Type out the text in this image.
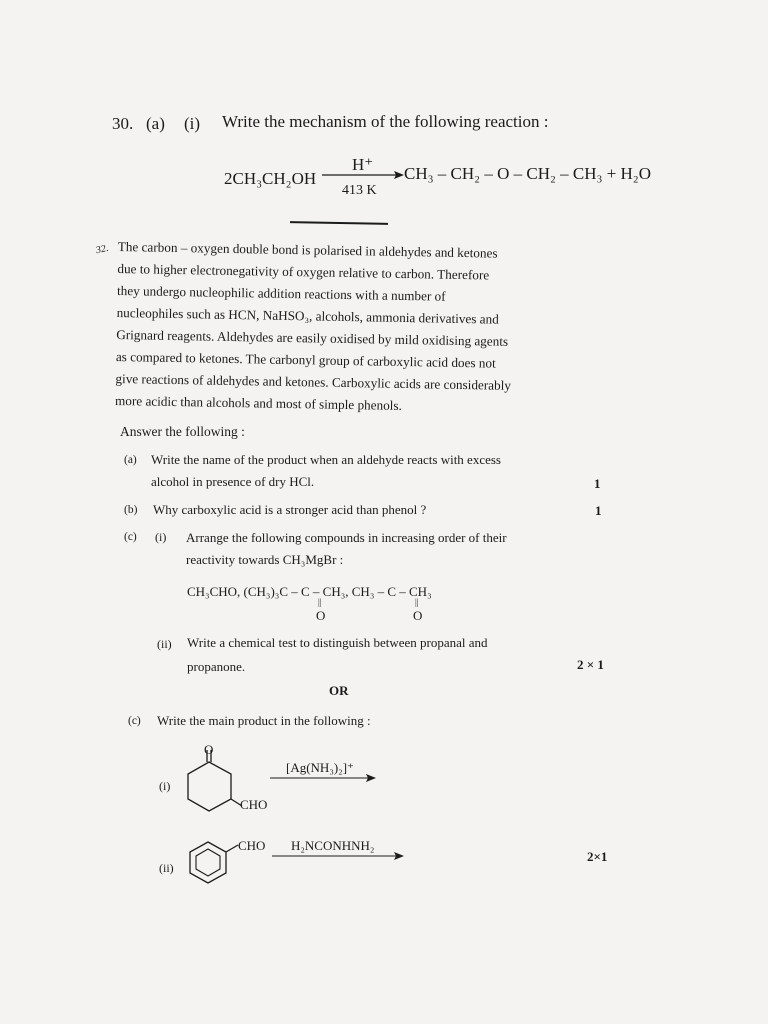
30. (a) (i) Write the mechanism of the following reaction :
2CH₃CH₂OH
H⁺
413 K
CH₃ – CH₂ – O – CH₂ – CH₃ + H₂O
32. The carbon – oxygen double bond is polarised in aldehydes and ketones
due to higher electronegativity of oxygen relative to carbon. Therefore
they undergo nucleophilic addition reactions with a number of
nucleophiles such as HCN, NaHSO₃, alcohols, ammonia derivatives and
Grignard reagents. Aldehydes are easily oxidised by mild oxidising agents
as compared to ketones. The carbonyl group of carboxylic acid does not
give reactions of aldehydes and ketones. Carboxylic acids are considerably
more acidic than alcohols and most of simple phenols.
Answer the following :
(a) Write the name of the product when an aldehyde reacts with excess
alcohol in presence of dry HCl.	1
(b) Why carboxylic acid is a stronger acid than phenol ?	1
(c) (i) Arrange the following compounds in increasing order of their
reactivity towards CH₃MgBr :
CH₃CHO, (CH₃)₃C – C – CH₃, CH₃ – C – CH₃
||
O
||
O
(ii) Write a chemical test to distinguish between propanal and
propanone.	2 × 1
OR
(c) Write the main product in the following :
(i)
O
CHO
[Ag(NH₃)₂]⁺
(ii)
CHO H₂NCONHNH₂
2×1
